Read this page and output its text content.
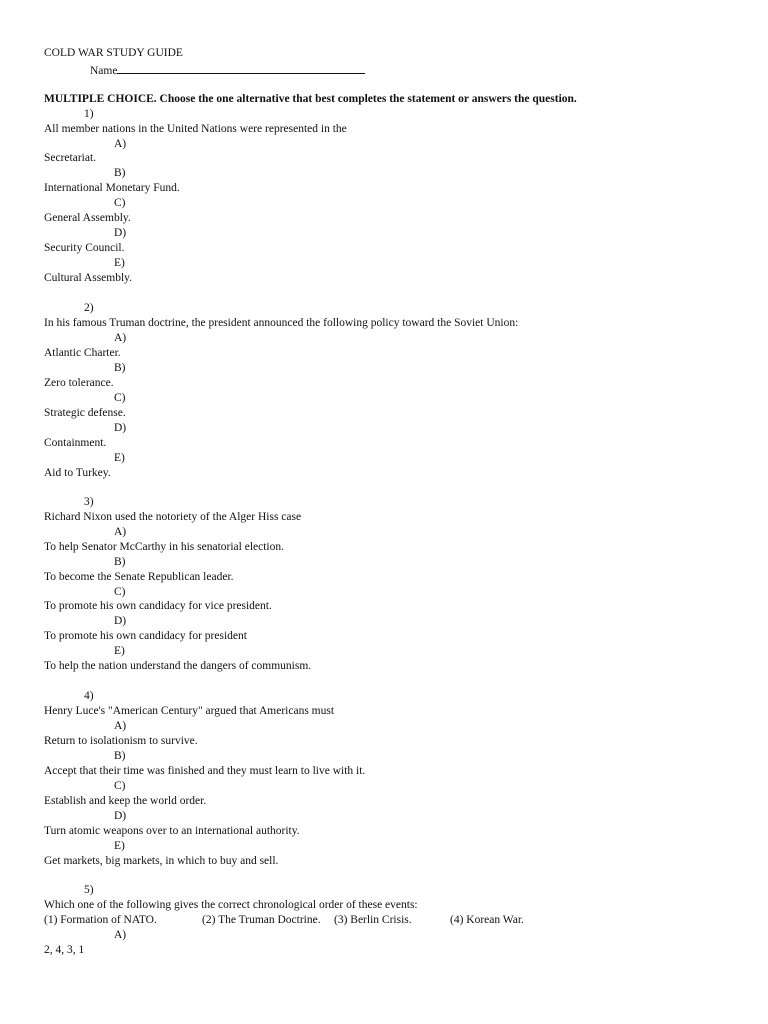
COLD WAR STUDY GUIDE
Name
MULTIPLE CHOICE. Choose the one alternative that best completes the statement or answers the question.
1)
All member nations in the United Nations were represented in the
A)
Secretariat.
B)
International Monetary Fund.
C)
General Assembly.
D)
Security Council.
E)
Cultural Assembly.
2)
In his famous Truman doctrine, the president announced the following policy toward the Soviet Union:
A)
Atlantic Charter.
B)
Zero tolerance.
C)
Strategic defense.
D)
Containment.
E)
Aid to Turkey.
3)
Richard Nixon used the notoriety of the Alger Hiss case
A)
To help Senator McCarthy in his senatorial election.
B)
To become the Senate Republican leader.
C)
To promote his own candidacy for vice president.
D)
To promote his own candidacy for president
E)
To help the nation understand the dangers of communism.
4)
Henry Luce's "American Century" argued that Americans must
A)
Return to isolationism to survive.
B)
Accept that their time was finished and they must learn to live with it.
C)
Establish and keep the world order.
D)
Turn atomic weapons over to an international authority.
E)
Get markets, big markets, in which to buy and sell.
5)
Which one of the following gives the correct chronological order of these events:
(1) Formation of NATO.	(2) The Truman Doctrine. (3) Berlin Crisis.	(4) Korean War.
A)
2, 4, 3, 1
